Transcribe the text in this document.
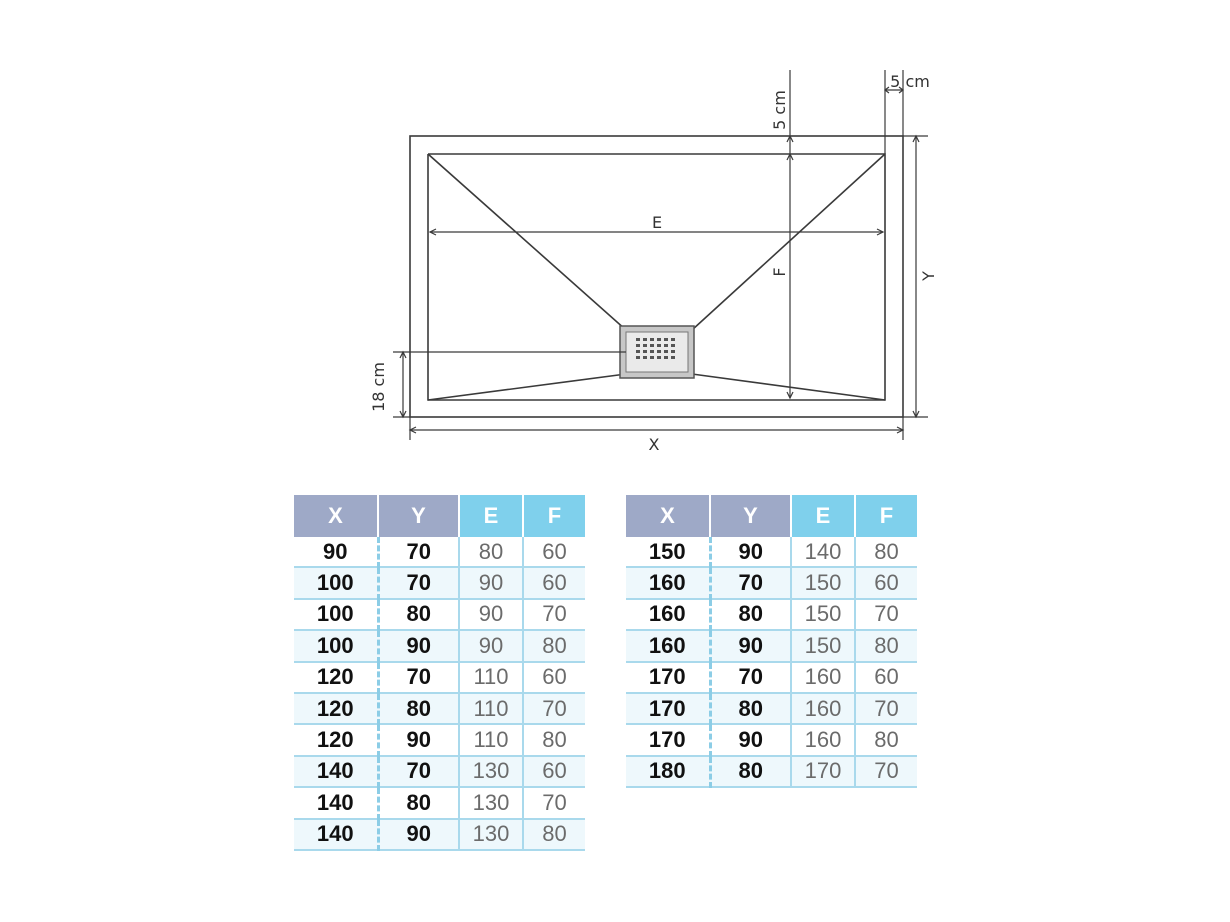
E
F	Y
X
5 cm
5 cm
18 cm
X	Y	E	F
90	70	80	60
100	70	90	60
100	80	90	70
100	90	90	80
120	70	110	60
120	80	110	70
120	90	110	80
140	70	130	60
140	80	130	70
140	90	130	80
X	Y	E	F
150	90	140	80
160	70	150	60
160	80	150	70
160	90	150	80
170	70	160	60
170	80	160	70
170	90	160	80
180	80	170	70
